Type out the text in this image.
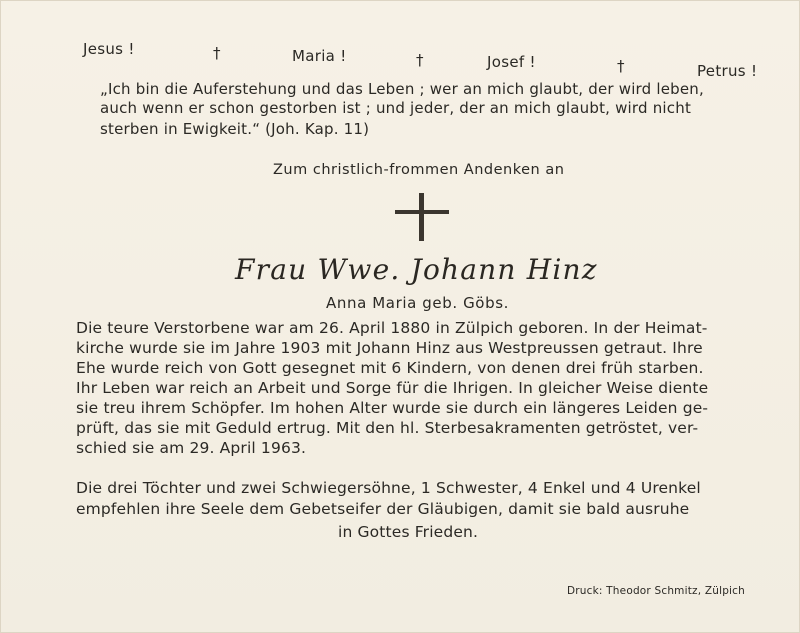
Jesus !	†	Maria !	†	Josef !	†	Petrus !
„Ich bin die Auferstehung und das Leben ; wer an mich glaubt, der wird leben,
auch wenn er schon gestorben ist ; und jeder, der an mich glaubt, wird nicht
sterben in Ewigkeit.“ (Joh. Kap. 11)
Zum christlich-frommen Andenken an
Frau Wwe. Johann Hinz
Anna Maria geb. Göbs.
Die teure Verstorbene war am 26. April 1880 in Zülpich geboren. In der Heimat-
kirche wurde sie im Jahre 1903 mit Johann Hinz aus Westpreussen getraut. Ihre
Ehe wurde reich von Gott gesegnet mit 6 Kindern, von denen drei früh starben.
Ihr Leben war reich an Arbeit und Sorge für die Ihrigen. In gleicher Weise diente
sie treu ihrem Schöpfer. Im hohen Alter wurde sie durch ein längeres Leiden ge-
prüft, das sie mit Geduld ertrug. Mit den hl. Sterbesakramenten getröstet, ver-
schied sie am 29. April 1963.
Die drei Töchter und zwei Schwiegersöhne, 1 Schwester, 4 Enkel und 4 Urenkel
empfehlen ihre Seele dem Gebetseifer der Gläubigen, damit sie bald ausruhe
in Gottes Frieden.
Druck: Theodor Schmitz, Zülpich
